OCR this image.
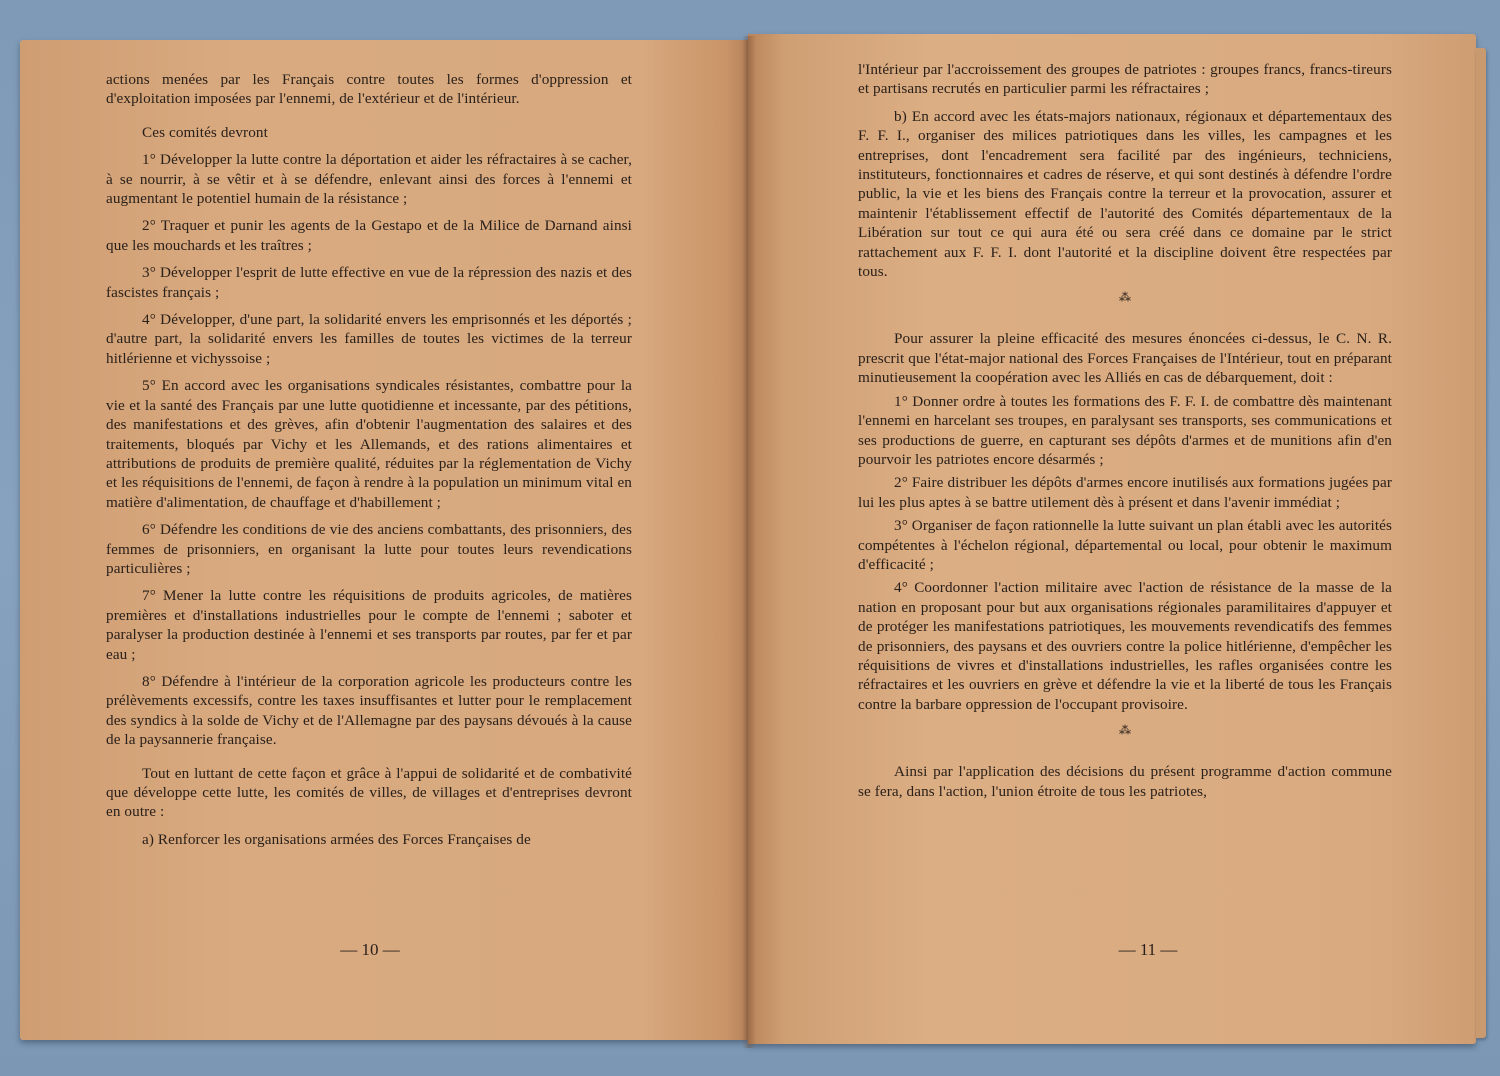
actions menées par les Français contre toutes les formes d'oppression et d'exploitation imposées par l'ennemi, de l'extérieur et de l'intérieur.

Ces comités devront

1° Développer la lutte contre la déportation et aider les réfractaires à se cacher, à se nourrir, à se vêtir et à se défendre, enlevant ainsi des forces à l'ennemi et augmentant le potentiel humain de la résistance ;

2° Traquer et punir les agents de la Gestapo et de la Milice de Darnand ainsi que les mouchards et les traîtres ;

3° Développer l'esprit de lutte effective en vue de la répression des nazis et des fascistes français ;

4° Développer, d'une part, la solidarité envers les emprisonnés et les déportés ; d'autre part, la solidarité envers les familles de toutes les victimes de la terreur hitlérienne et vichyssoise ;

5° En accord avec les organisations syndicales résistantes, combattre pour la vie et la santé des Français par une lutte quotidienne et incessante, par des pétitions, des manifestations et des grèves, afin d'obtenir l'augmentation des salaires et des traitements, bloqués par Vichy et les Allemands, et des rations alimentaires et attributions de produits de première qualité, réduites par la réglementation de Vichy et les réquisitions de l'ennemi, de façon à rendre à la population un minimum vital en matière d'alimentation, de chauffage et d'habillement ;

6° Défendre les conditions de vie des anciens combattants, des prisonniers, des femmes de prisonniers, en organisant la lutte pour toutes leurs revendications particulières ;

7° Mener la lutte contre les réquisitions de produits agricoles, de matières premières et d'installations industrielles pour le compte de l'ennemi ; saboter et paralyser la production destinée à l'ennemi et ses transports par routes, par fer et par eau ;

8° Défendre à l'intérieur de la corporation agricole les producteurs contre les prélèvements excessifs, contre les taxes insuffisantes et lutter pour le remplacement des syndics à la solde de Vichy et de l'Allemagne par des paysans dévoués à la cause de la paysannerie française.

Tout en luttant de cette façon et grâce à l'appui de solidarité et de combativité que développe cette lutte, les comités de villes, de villages et d'entreprises devront en outre :

a) Renforcer les organisations armées des Forces Françaises de

— 10 —

l'Intérieur par l'accroissement des groupes de patriotes : groupes francs, francs-tireurs et partisans recrutés en particulier parmi les réfractaires ;

b) En accord avec les états-majors nationaux, régionaux et départementaux des F. F. I., organiser des milices patriotiques dans les villes, les campagnes et les entreprises, dont l'encadrement sera facilité par des ingénieurs, techniciens, instituteurs, fonctionnaires et cadres de réserve, et qui sont destinés à défendre l'ordre public, la vie et les biens des Français contre la terreur et la provocation, assurer et maintenir l'établissement effectif de l'autorité des Comités départementaux de la Libération sur tout ce qui aura été ou sera créé dans ce domaine par le strict rattachement aux F. F. I. dont l'autorité et la discipline doivent être respectées par tous.

⁂

Pour assurer la pleine efficacité des mesures énoncées ci-dessus, le C. N. R. prescrit que l'état-major national des Forces Françaises de l'Intérieur, tout en préparant minutieusement la coopération avec les Alliés en cas de débarquement, doit :

1° Donner ordre à toutes les formations des F. F. I. de combattre dès maintenant l'ennemi en harcelant ses troupes, en paralysant ses transports, ses communications et ses productions de guerre, en capturant ses dépôts d'armes et de munitions afin d'en pourvoir les patriotes encore désarmés ;

2° Faire distribuer les dépôts d'armes encore inutilisés aux formations jugées par lui les plus aptes à se battre utilement dès à présent et dans l'avenir immédiat ;

3° Organiser de façon rationnelle la lutte suivant un plan établi avec les autorités compétentes à l'échelon régional, départemental ou local, pour obtenir le maximum d'efficacité ;

4° Coordonner l'action militaire avec l'action de résistance de la masse de la nation en proposant pour but aux organisations régionales paramilitaires d'appuyer et de protéger les manifestations patriotiques, les mouvements revendicatifs des femmes de prisonniers, des paysans et des ouvriers contre la police hitlérienne, d'empêcher les réquisitions de vivres et d'installations industrielles, les rafles organisées contre les réfractaires et les ouvriers en grève et défendre la vie et la liberté de tous les Français contre la barbare oppression de l'occupant provisoire.

⁂

Ainsi par l'application des décisions du présent programme d'action commune se fera, dans l'action, l'union étroite de tous les patriotes,

— 11 —
